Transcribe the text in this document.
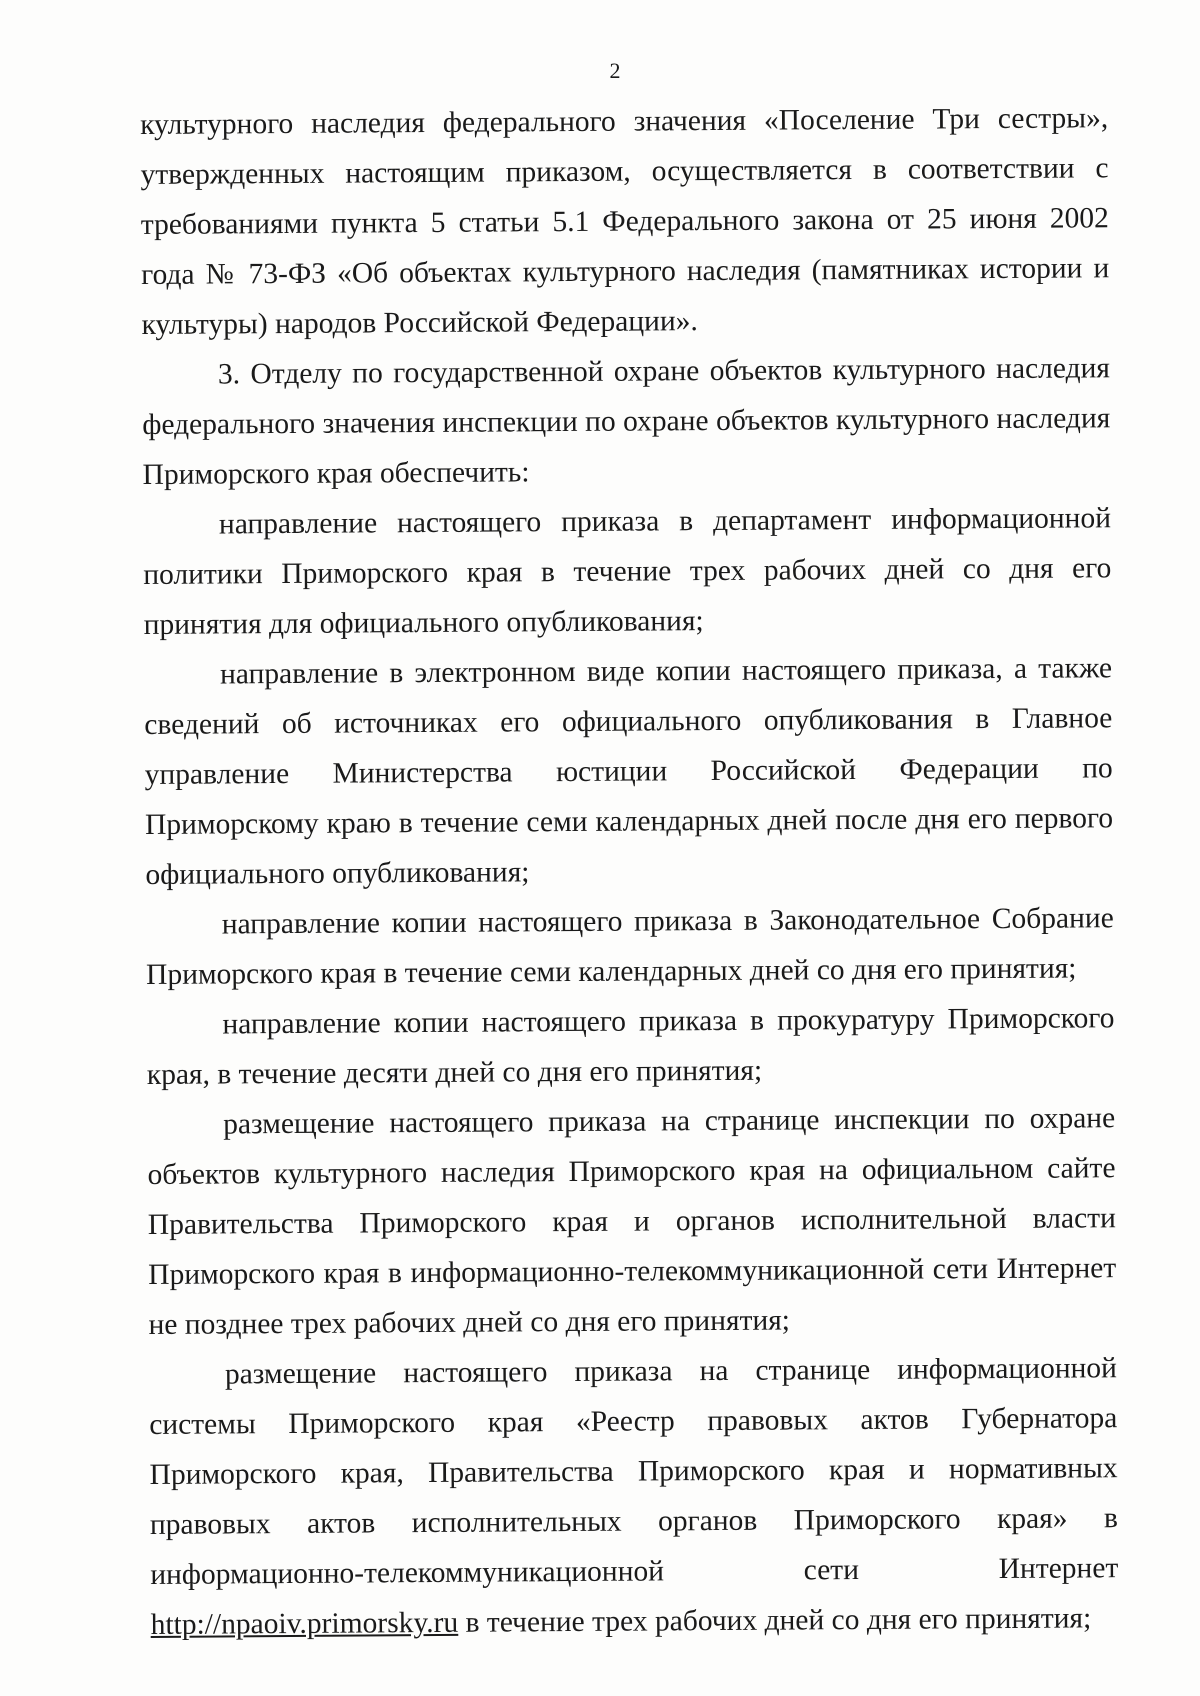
2

культурного наследия федерального значения «Поселение Три сестры», утвержденных настоящим приказом, осуществляется в соответствии с требованиями пункта 5 статьи 5.1 Федерального закона от 25 июня 2002 года № 73-ФЗ «Об объектах культурного наследия (памятниках истории и культуры) народов Российской Федерации».

3. Отделу по государственной охране объектов культурного наследия федерального значения инспекции по охране объектов культурного наследия Приморского края обеспечить:

направление настоящего приказа в департамент информационной политики Приморского края в течение трех рабочих дней со дня его принятия для официального опубликования;

направление в электронном виде копии настоящего приказа, а также сведений об источниках его официального опубликования в Главное управление Министерства юстиции Российской Федерации по Приморскому краю в течение семи календарных дней после дня его первого официального опубликования;

направление копии настоящего приказа в Законодательное Собрание Приморского края в течение семи календарных дней со дня его принятия;

направление копии настоящего приказа в прокуратуру Приморского края, в течение десяти дней со дня его принятия;

размещение настоящего приказа на странице инспекции по охране объектов культурного наследия Приморского края на официальном сайте Правительства Приморского края и органов исполнительной власти Приморского края в информационно-телекоммуникационной сети Интернет не позднее трех рабочих дней со дня его принятия;

размещение настоящего приказа на странице информационной системы Приморского края «Реестр правовых актов Губернатора Приморского края, Правительства Приморского края и нормативных правовых актов исполнительных органов Приморского края» в информационно-телекоммуникационной сети Интернет http://npaoiv.primorsky.ru в течение трех рабочих дней со дня его принятия;
